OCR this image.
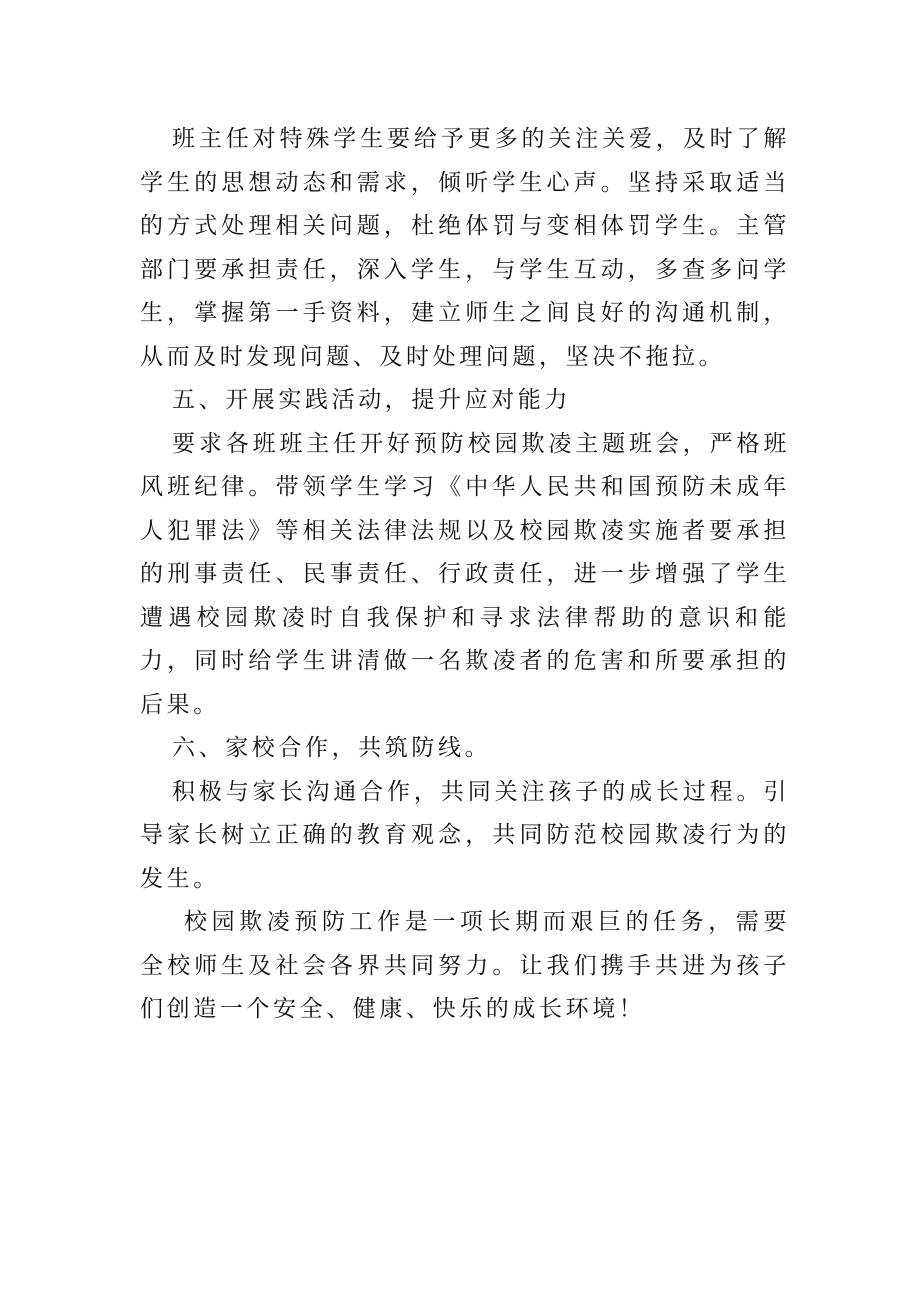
班主任对特殊学生要给予更多的关注关爱，及时了解学生的思想动态和需求，倾听学生心声。坚持采取适当的方式处理相关问题，杜绝体罚与变相体罚学生。主管部门要承担责任，深入学生，与学生互动，多查多问学生，掌握第一手资料，建立师生之间良好的沟通机制，从而及时发现问题、及时处理问题，坚决不拖拉。

五、开展实践活动，提升应对能力

要求各班班主任开好预防校园欺凌主题班会，严格班风班纪律。带领学生学习《中华人民共和国预防未成年人犯罪法》等相关法律法规以及校园欺凌实施者要承担的刑事责任、民事责任、行政责任，进一步增强了学生遭遇校园欺凌时自我保护和寻求法律帮助的意识和能力，同时给学生讲清做一名欺凌者的危害和所要承担的后果。

六、家校合作，共筑防线。

积极与家长沟通合作，共同关注孩子的成长过程。引导家长树立正确的教育观念，共同防范校园欺凌行为的发生。

校园欺凌预防工作是一项长期而艰巨的任务，需要全校师生及社会各界共同努力。让我们携手共进为孩子们创造一个安全、健康、快乐的成长环境！
